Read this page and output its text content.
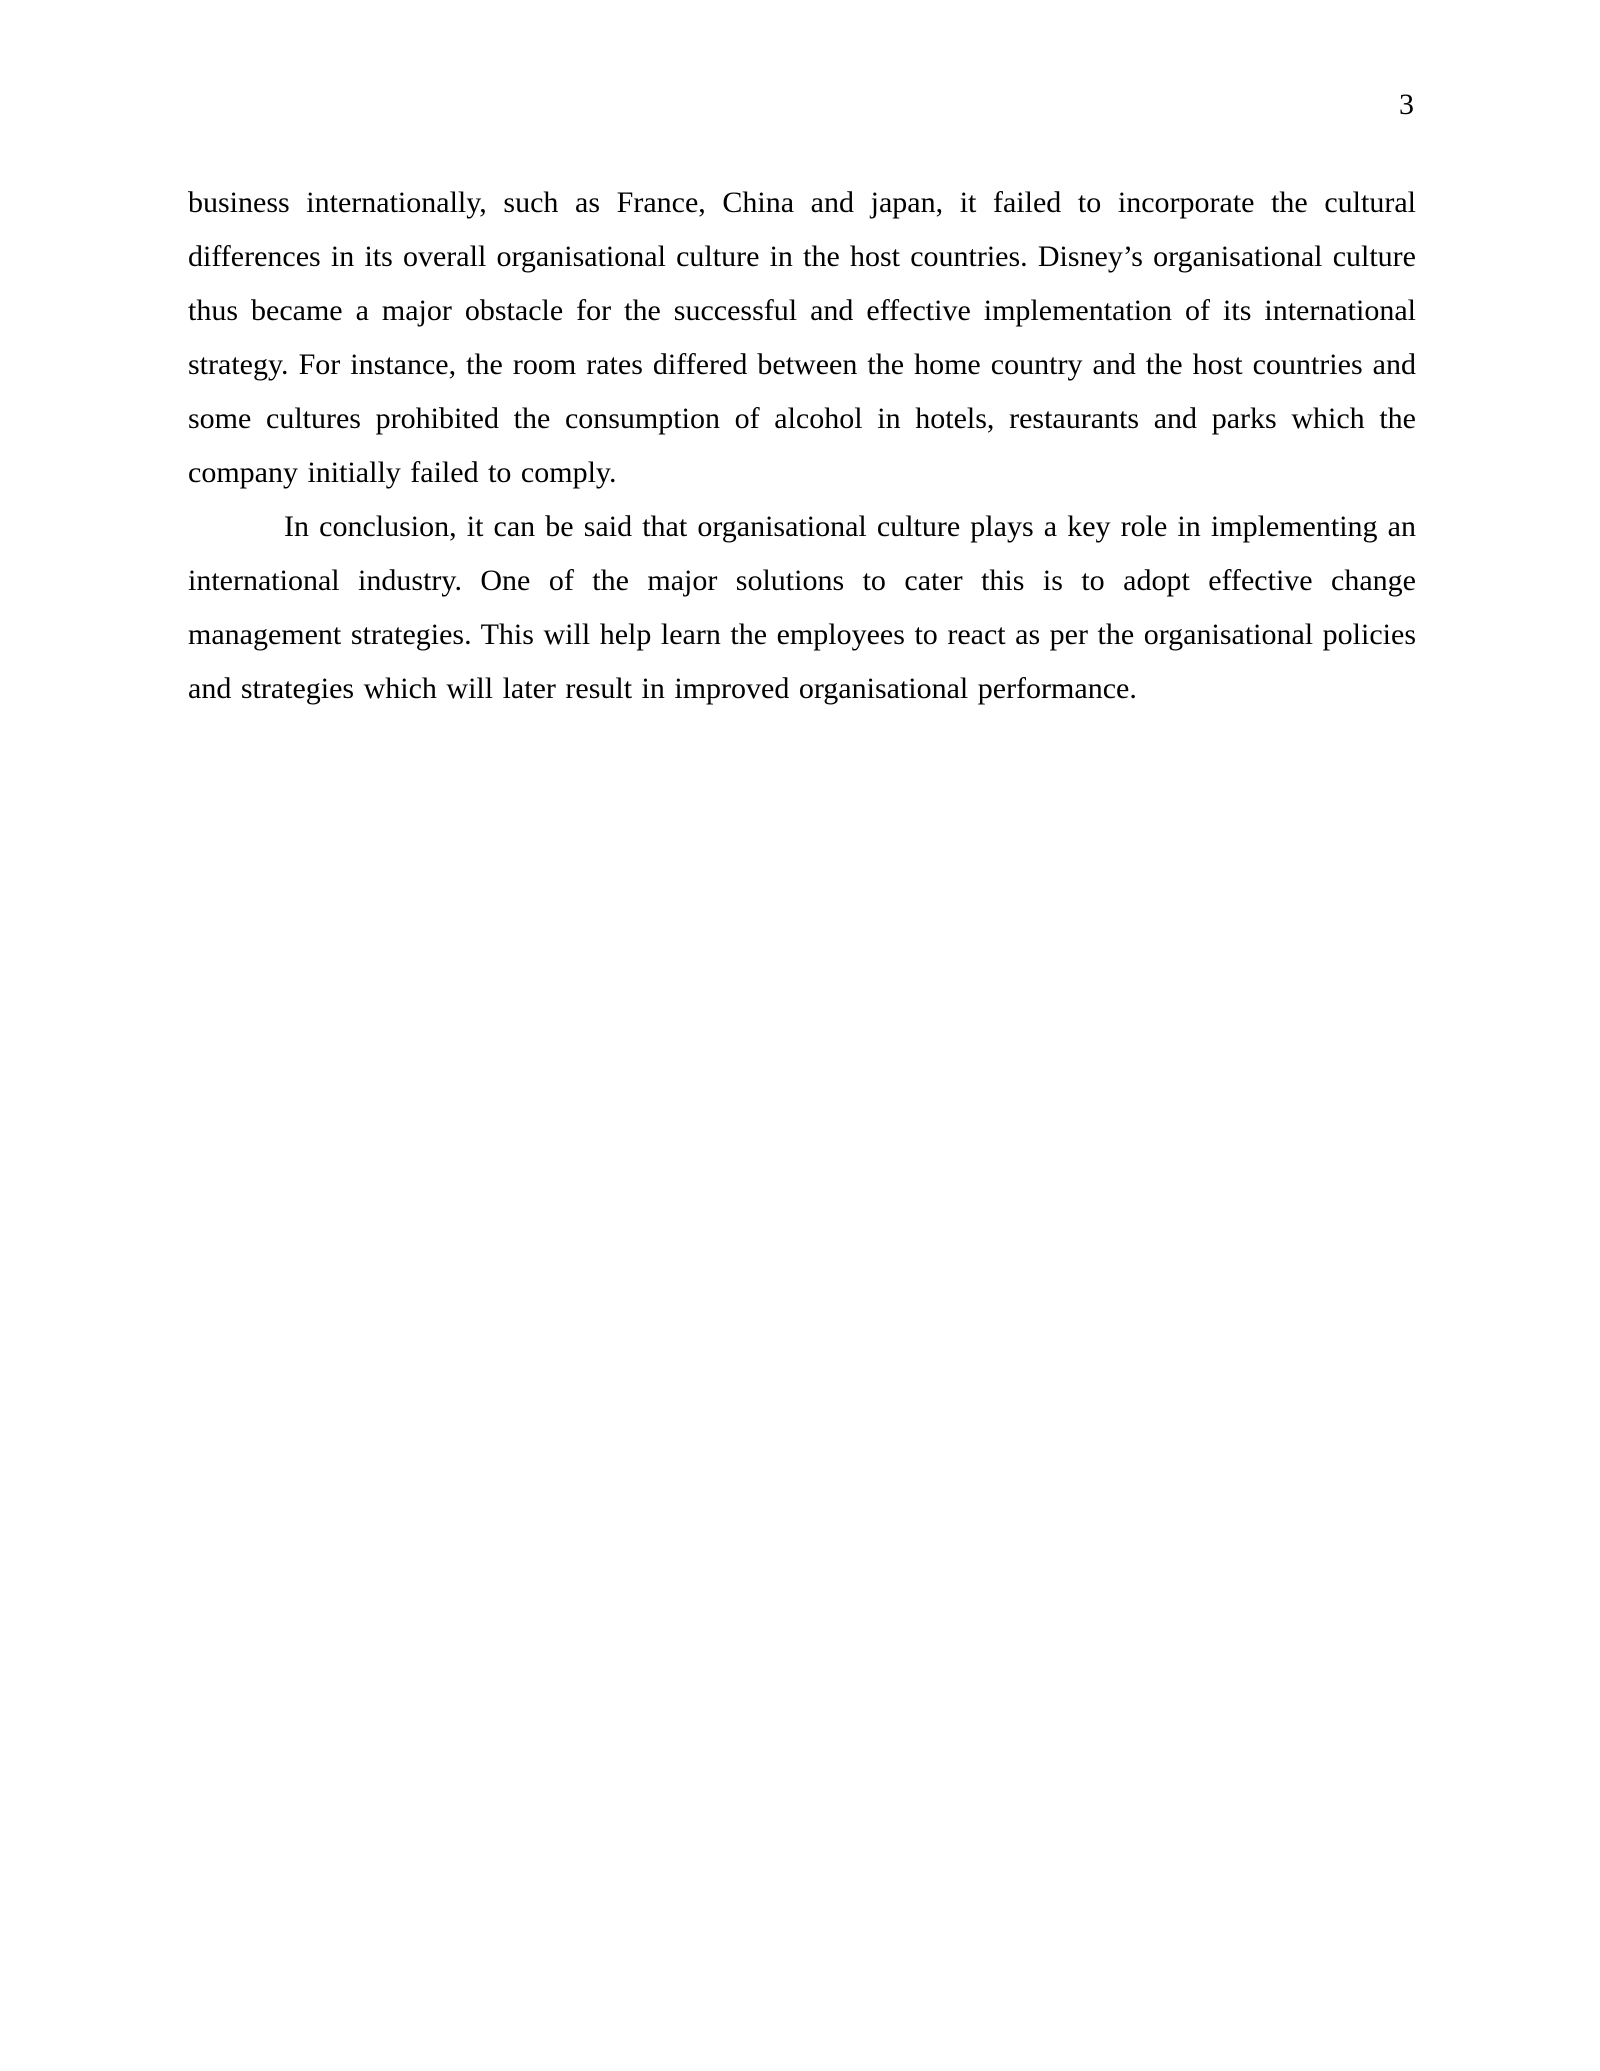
3

business internationally, such as France, China and japan, it failed to incorporate the cultural differences in its overall organisational culture in the host countries. Disney’s organisational culture thus became a major obstacle for the successful and effective implementation of its international strategy. For instance, the room rates differed between the home country and the host countries and some cultures prohibited the consumption of alcohol in hotels, restaurants and parks which the company initially failed to comply.

In conclusion, it can be said that organisational culture plays a key role in implementing an international industry. One of the major solutions to cater this is to adopt effective change management strategies. This will help learn the employees to react as per the organisational policies and strategies which will later result in improved organisational performance.
